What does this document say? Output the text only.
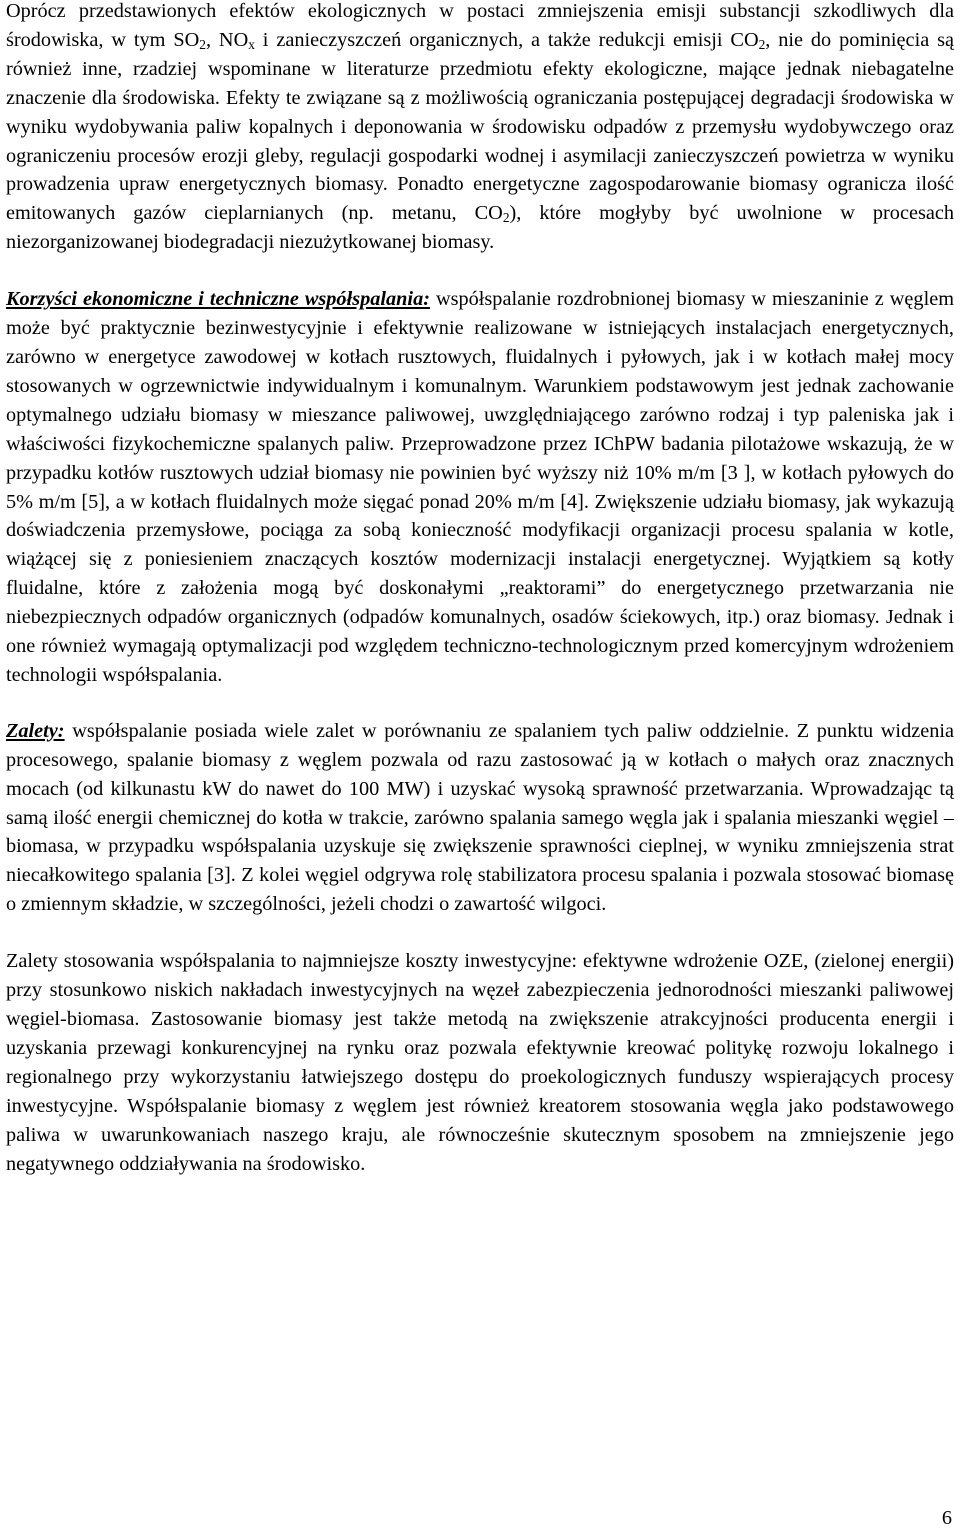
Oprócz przedstawionych efektów ekologicznych w postaci zmniejszenia emisji substancji szkodliwych dla środowiska, w tym $SO_2$, $NO_x$ i zanieczyszczeń organicznych, a także redukcji emisji $CO_2$, nie do pominięcia są również inne, rzadziej wspominane w literaturze przedmiotu efekty ekologiczne, mające jednak niebagatelne znaczenie dla środowiska. Efekty te związane są z możliwością ograniczania postępującej degradacji środowiska w wyniku wydobywania paliw kopalnych i deponowania w środowisku odpadów z przemysłu wydobywczego oraz ograniczeniu procesów erozji gleby, regulacji gospodarki wodnej i asymilacji zanieczyszczeń powietrza w wyniku prowadzenia upraw energetycznych biomasy. Ponadto energetyczne zagospodarowanie biomasy ogranicza ilość emitowanych gazów cieplarnianych (np. metanu, $CO_2$), które mogłyby być uwolnione w procesach niezorganizowanej biodegradacji niezużytkowanej biomasy.

Korzyści ekonomiczne i techniczne współspalania: współspalanie rozdrobnionej biomasy w mieszaninie z węglem może być praktycznie bezinwestycyjnie i efektywnie realizowane w istniejących instalacjach energetycznych, zarówno w energetyce zawodowej w kotłach rusztowych, fluidalnych i pyłowych, jak i w kotłach małej mocy stosowanych w ogrzewnictwie indywidualnym i komunalnym. Warunkiem podstawowym jest jednak zachowanie optymalnego udziału biomasy w mieszance paliwowej, uwzględniającego zarówno rodzaj i typ paleniska jak i właściwości fizykochemiczne spalanych paliw. Przeprowadzone przez IChPW badania pilotażowe wskazują, że w przypadku kotłów rusztowych udział biomasy nie powinien być wyższy niż 10% m/m [3 ], w kotłach pyłowych do 5% m/m [5], a w kotłach fluidalnych może sięgać ponad 20% m/m [4]. Zwiększenie udziału biomasy, jak wykazują doświadczenia przemysłowe, pociąga za sobą konieczność modyfikacji organizacji procesu spalania w kotle, wiążącej się z poniesieniem znaczących kosztów modernizacji instalacji energetycznej. Wyjątkiem są kotły fluidalne, które z założenia mogą być doskonałymi „reaktorami” do energetycznego przetwarzania nie niebezpiecznych odpadów organicznych (odpadów komunalnych, osadów ściekowych, itp.) oraz biomasy. Jednak i one również wymagają optymalizacji pod względem techniczno-technologicznym przed komercyjnym wdrożeniem technologii współspalania.

Zalety: współspalanie posiada wiele zalet w porównaniu ze spalaniem tych paliw oddzielnie. Z punktu widzenia procesowego, spalanie biomasy z węglem pozwala od razu zastosować ją w kotłach o małych oraz znacznych mocach (od kilkunastu kW do nawet do 100 MW) i uzyskać wysoką sprawność przetwarzania. Wprowadzając tą samą ilość energii chemicznej do kotła w trakcie, zarówno spalania samego węgla jak i spalania mieszanki węgiel – biomasa, w przypadku współspalania uzyskuje się zwiększenie sprawności cieplnej, w wyniku zmniejszenia strat niecałkowitego spalania [3]. Z kolei węgiel odgrywa rolę stabilizatora procesu spalania i pozwala stosować biomasę o zmiennym składzie, w szczególności, jeżeli chodzi o zawartość wilgoci.

Zalety stosowania współspalania to najmniejsze koszty inwestycyjne: efektywne wdrożenie OZE, (zielonej energii) przy stosunkowo niskich nakładach inwestycyjnych na węzeł zabezpieczenia jednorodności mieszanki paliwowej węgiel-biomasa. Zastosowanie biomasy jest także metodą na zwiększenie atrakcyjności producenta energii i uzyskania przewagi konkurencyjnej na rynku oraz pozwala efektywnie kreować politykę rozwoju lokalnego i regionalnego przy wykorzystaniu łatwiejszego dostępu do proekologicznych funduszy wspierających procesy inwestycyjne. Współspalanie biomasy z węglem jest również kreatorem stosowania węgla jako podstawowego paliwa w uwarunkowaniach naszego kraju, ale równocześnie skutecznym sposobem na zmniejszenie jego negatywnego oddziaływania na środowisko.

6
